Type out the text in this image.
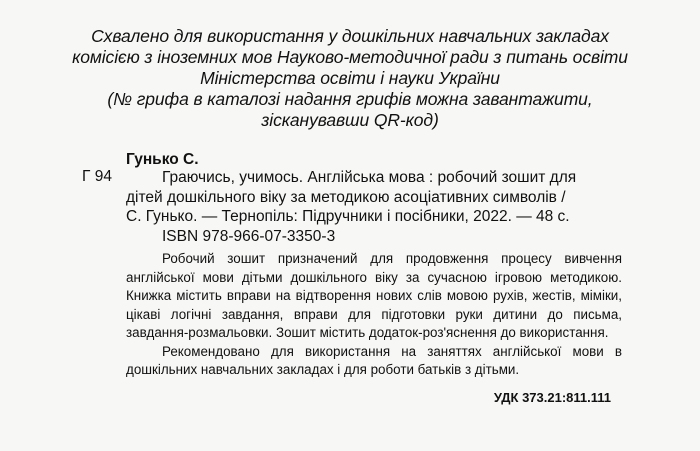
Схвалено для використання у дошкільних навчальних закладах
комісією з іноземних мов Науково-методичної ради з питань освіти
Міністерства освіти і науки України
(№ грифа в каталозі надання грифів можна завантажити,
зісканувавши QR-код)
Гунько С.
Г 94	Граючись, учимось. Англійська мова : робочий зошит для
дітей дошкільного віку за методикою асоціативних символів /
С. Гунько. — Тернопіль: Підручники і посібники, 2022. — 48 с.
ISBN 978-966-07-3350-3

Робочий зошит призначений для продовження процесу вивчення англійської мови дітьми дошкільного віку за сучасною ігровою методикою. Книжка містить вправи на відтворення нових слів мовою рухів, жестів, міміки, цікаві логічні завдання, вправи для підготовки руки дитини до письма, завдання-розмальовки. Зошит містить додаток-роз'яснення до використання.

Рекомендовано для використання на заняттях англійської мови в дошкільних навчальних закладах і для роботи батьків з дітьми.

УДК 373.21:811.111
